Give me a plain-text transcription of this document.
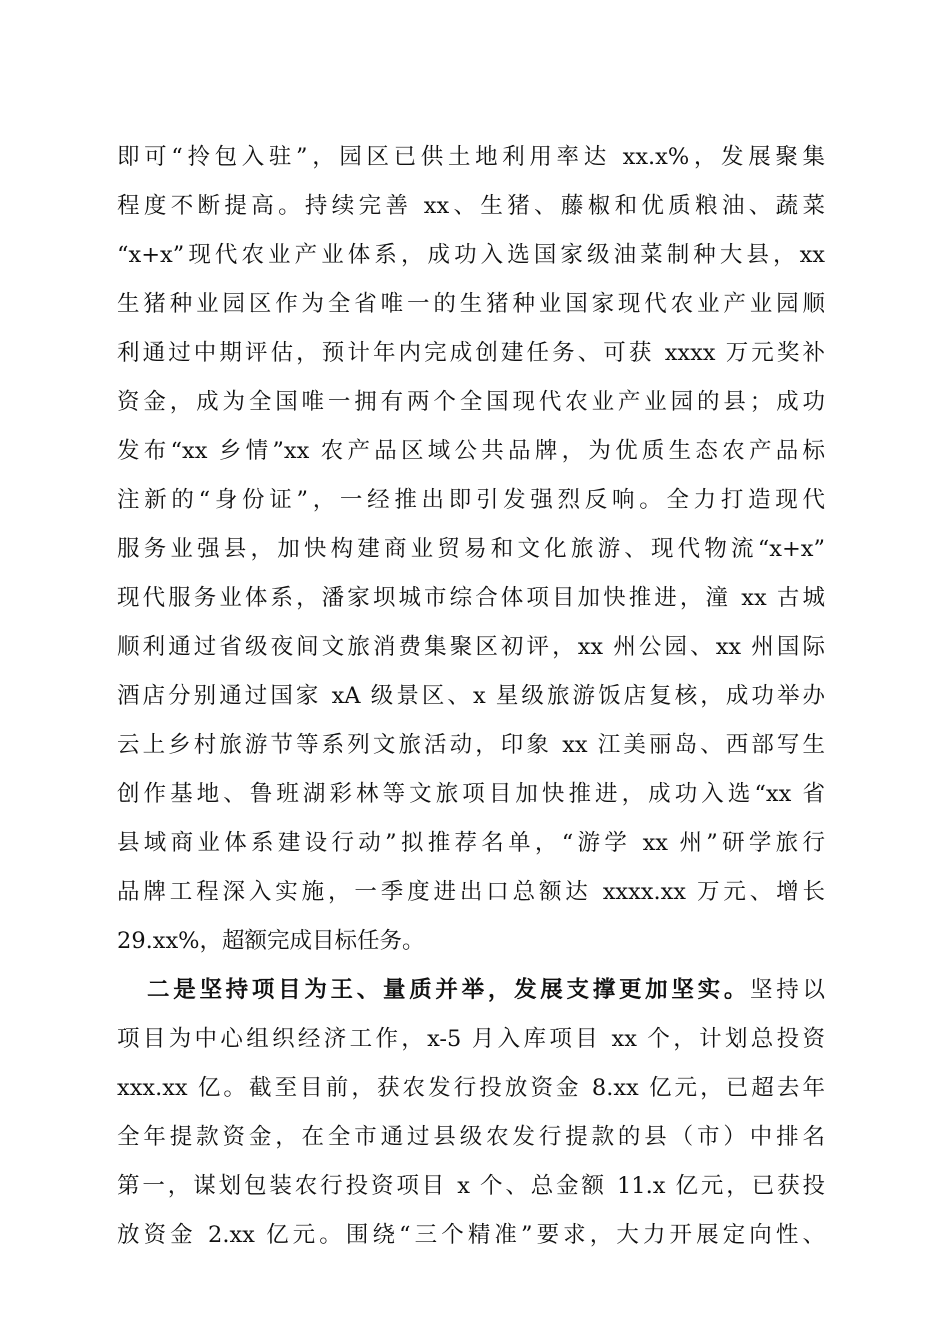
即可“拎包入驻”，园区已供土地利用率达 xx.x%，发展聚集
程度不断提高。持续完善 xx、生猪、藤椒和优质粮油、蔬菜
“x+x”现代农业产业体系，成功入选国家级油菜制种大县，xx
生猪种业园区作为全省唯一的生猪种业国家现代农业产业园顺
利通过中期评估，预计年内完成创建任务、可获 xxxx 万元奖补
资金，成为全国唯一拥有两个全国现代农业产业园的县；成功
发布“xx 乡情”xx 农产品区域公共品牌，为优质生态农产品标
注新的“身份证”，一经推出即引发强烈反响。全力打造现代
服务业强县，加快构建商业贸易和文化旅游、现代物流“x+x”
现代服务业体系，潘家坝城市综合体项目加快推进，潼 xx 古城
顺利通过省级夜间文旅消费集聚区初评，xx 州公园、xx 州国际
酒店分别通过国家 xA 级景区、x 星级旅游饭店复核，成功举办
云上乡村旅游节等系列文旅活动，印象 xx 江美丽岛、西部写生
创作基地、鲁班湖彩林等文旅项目加快推进，成功入选“xx 省
县域商业体系建设行动”拟推荐名单，“游学 xx 州”研学旅行
品牌工程深入实施，一季度进出口总额达 xxxx.xx 万元、增长
29.xx%，超额完成目标任务。
二是坚持项目为王、量质并举，发展支撑更加坚实。坚持以
项目为中心组织经济工作，x-5 月入库项目 xx 个，计划总投资
xxx.xx 亿。截至目前，获农发行投放资金 8.xx 亿元，已超去年
全年提款资金，在全市通过县级农发行提款的县（市）中排名
第一，谋划包装农行投资项目 x 个、总金额 11.x 亿元，已获投
放资金 2.xx 亿元。围绕“三个精准”要求，大力开展定向性、
